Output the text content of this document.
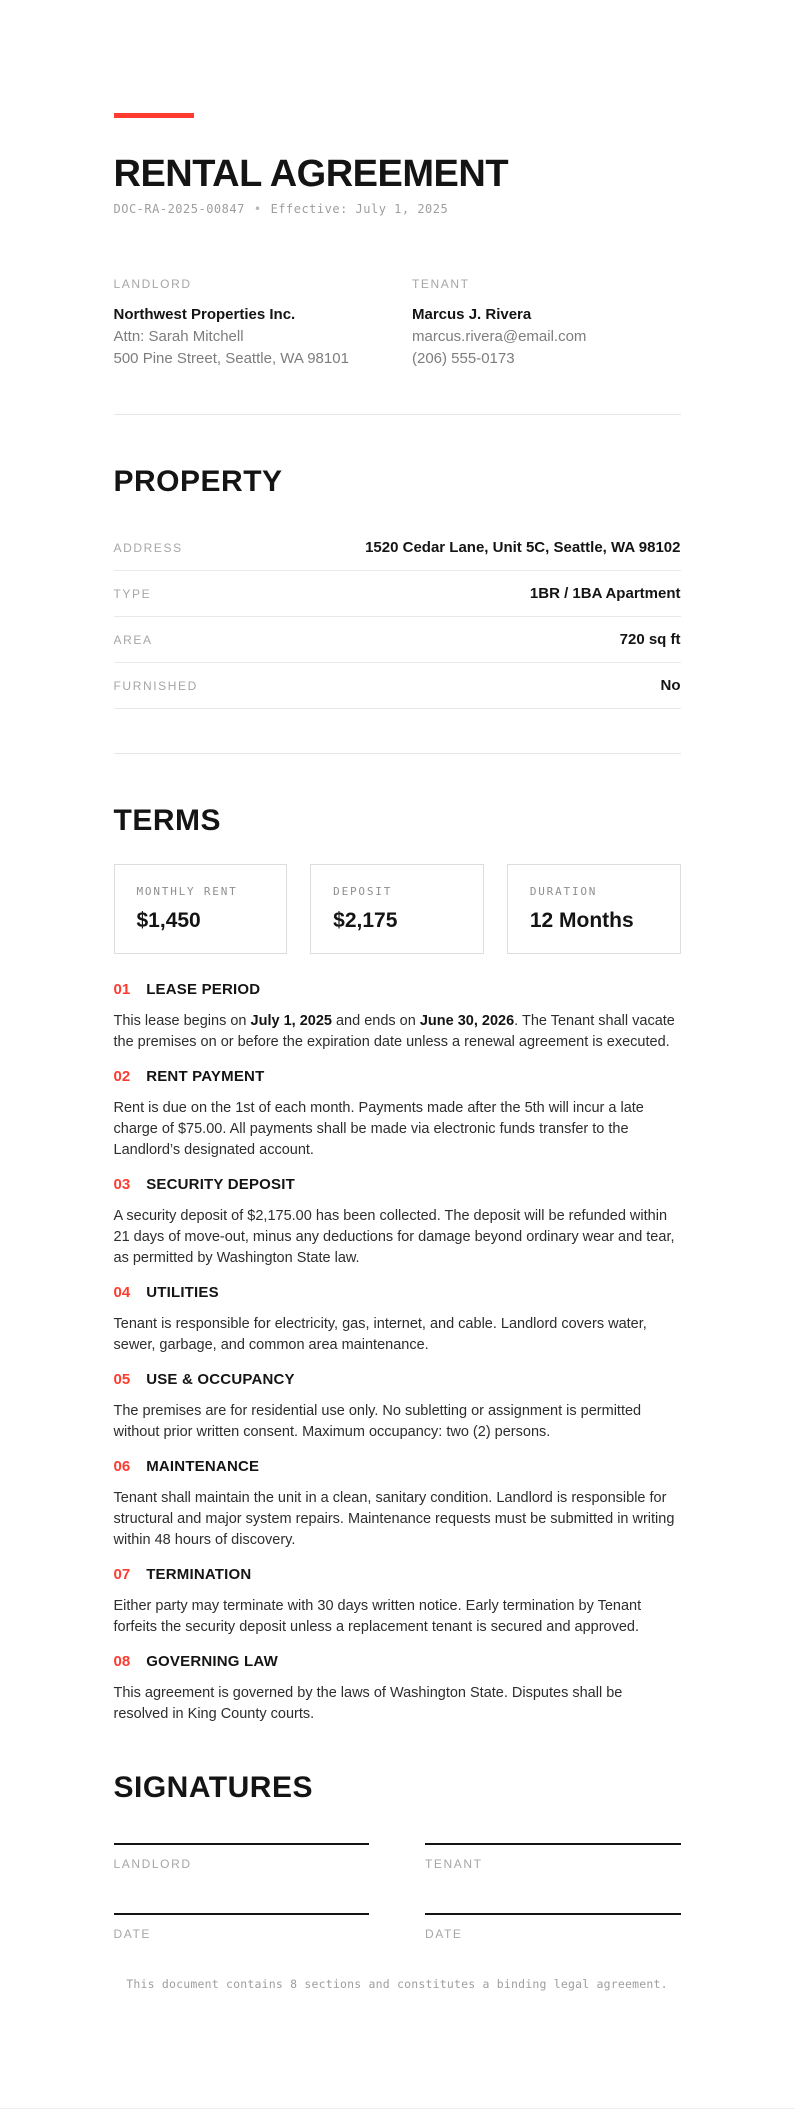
RENTAL AGREEMENT
DOC-RA-2025-00847 • Effective: July 1, 2025
LANDLORD
Northwest Properties Inc.
Attn: Sarah Mitchell
500 Pine Street, Seattle, WA 98101
TENANT
Marcus J. Rivera
marcus.rivera@email.com
(206) 555-0173
PROPERTY
ADDRESS	1520 Cedar Lane, Unit 5C, Seattle, WA 98102
TYPE	1BR / 1BA Apartment
AREA	720 sq ft
FURNISHED	No
TERMS
MONTHLY RENT
$1,450
DEPOSIT
$2,175
DURATION
12 Months
01 LEASE PERIOD

This lease begins on July 1, 2025 and ends on June 30, 2026. The Tenant shall vacate the premises on or before the expiration date unless a renewal agreement is executed.

02 RENT PAYMENT

Rent is due on the 1st of each month. Payments made after the 5th will incur a late charge of $75.00. All payments shall be made via electronic funds transfer to the Landlord’s designated account.

03 SECURITY DEPOSIT

A security deposit of $2,175.00 has been collected. The deposit will be refunded within 21 days of move-out, minus any deductions for damage beyond ordinary wear and tear, as permitted by Washington State law.

04 UTILITIES

Tenant is responsible for electricity, gas, internet, and cable. Landlord covers water, sewer, garbage, and common area maintenance.

05 USE & OCCUPANCY

The premises are for residential use only. No subletting or assignment is permitted without prior written consent. Maximum occupancy: two (2) persons.

06 MAINTENANCE

Tenant shall maintain the unit in a clean, sanitary condition. Landlord is responsible for structural and major system repairs. Maintenance requests must be submitted in writing within 48 hours of discovery.

07 TERMINATION

Either party may terminate with 30 days written notice. Early termination by Tenant forfeits the security deposit unless a replacement tenant is secured and approved.

08 GOVERNING LAW

This agreement is governed by the laws of Washington State. Disputes shall be resolved in King County courts.

SIGNATURES
LANDLORD
DATE
TENANT
DATE
This document contains 8 sections and constitutes a binding legal agreement.
